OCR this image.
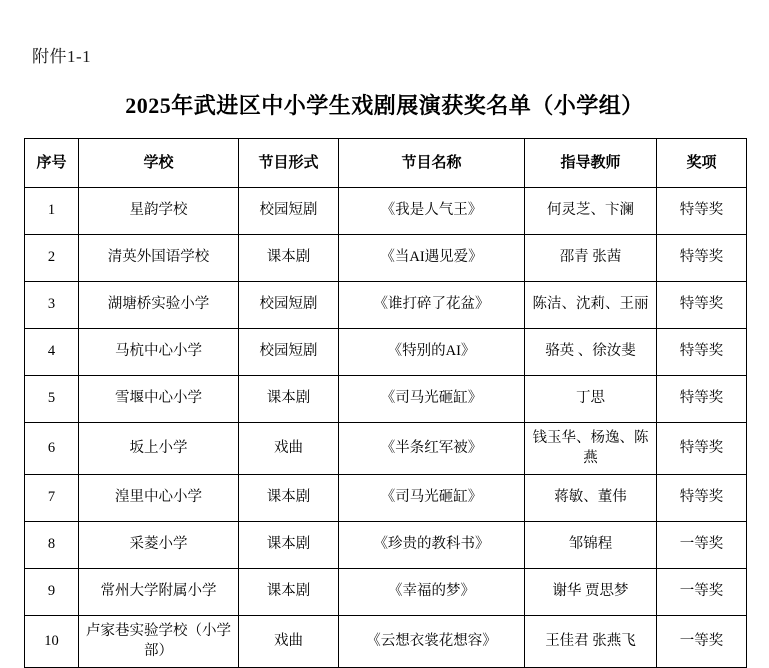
附件1-1
2025年武进区中小学生戏剧展演获奖名单（小学组）
序号	学校	节目形式	节目名称	指导教师	奖项
1	星韵学校	校园短剧	《我是人气王》	何灵芝、卞澜	特等奖
2	清英外国语学校	课本剧	《当AI遇见爱》	邵青 张茜	特等奖
3	湖塘桥实验小学	校园短剧	《谁打碎了花盆》	陈洁、沈莉、王丽	特等奖
4	马杭中心小学	校园短剧	《特别的AI》	骆英 、徐汝斐	特等奖
5	雪堰中心小学	课本剧	《司马光砸缸》	丁思	特等奖
6	坂上小学	戏曲	《半条红军被》	钱玉华、杨逸、陈燕	特等奖
7	湟里中心小学	课本剧	《司马光砸缸》	蒋敏、董伟	特等奖
8	采菱小学	课本剧	《珍贵的教科书》	邹锦程	一等奖
9	常州大学附属小学	课本剧	《幸福的梦》	谢华 贾思梦	一等奖
10	卢家巷实验学校（小学部）	戏曲	《云想衣裳花想容》	王佳君 张燕飞	一等奖
